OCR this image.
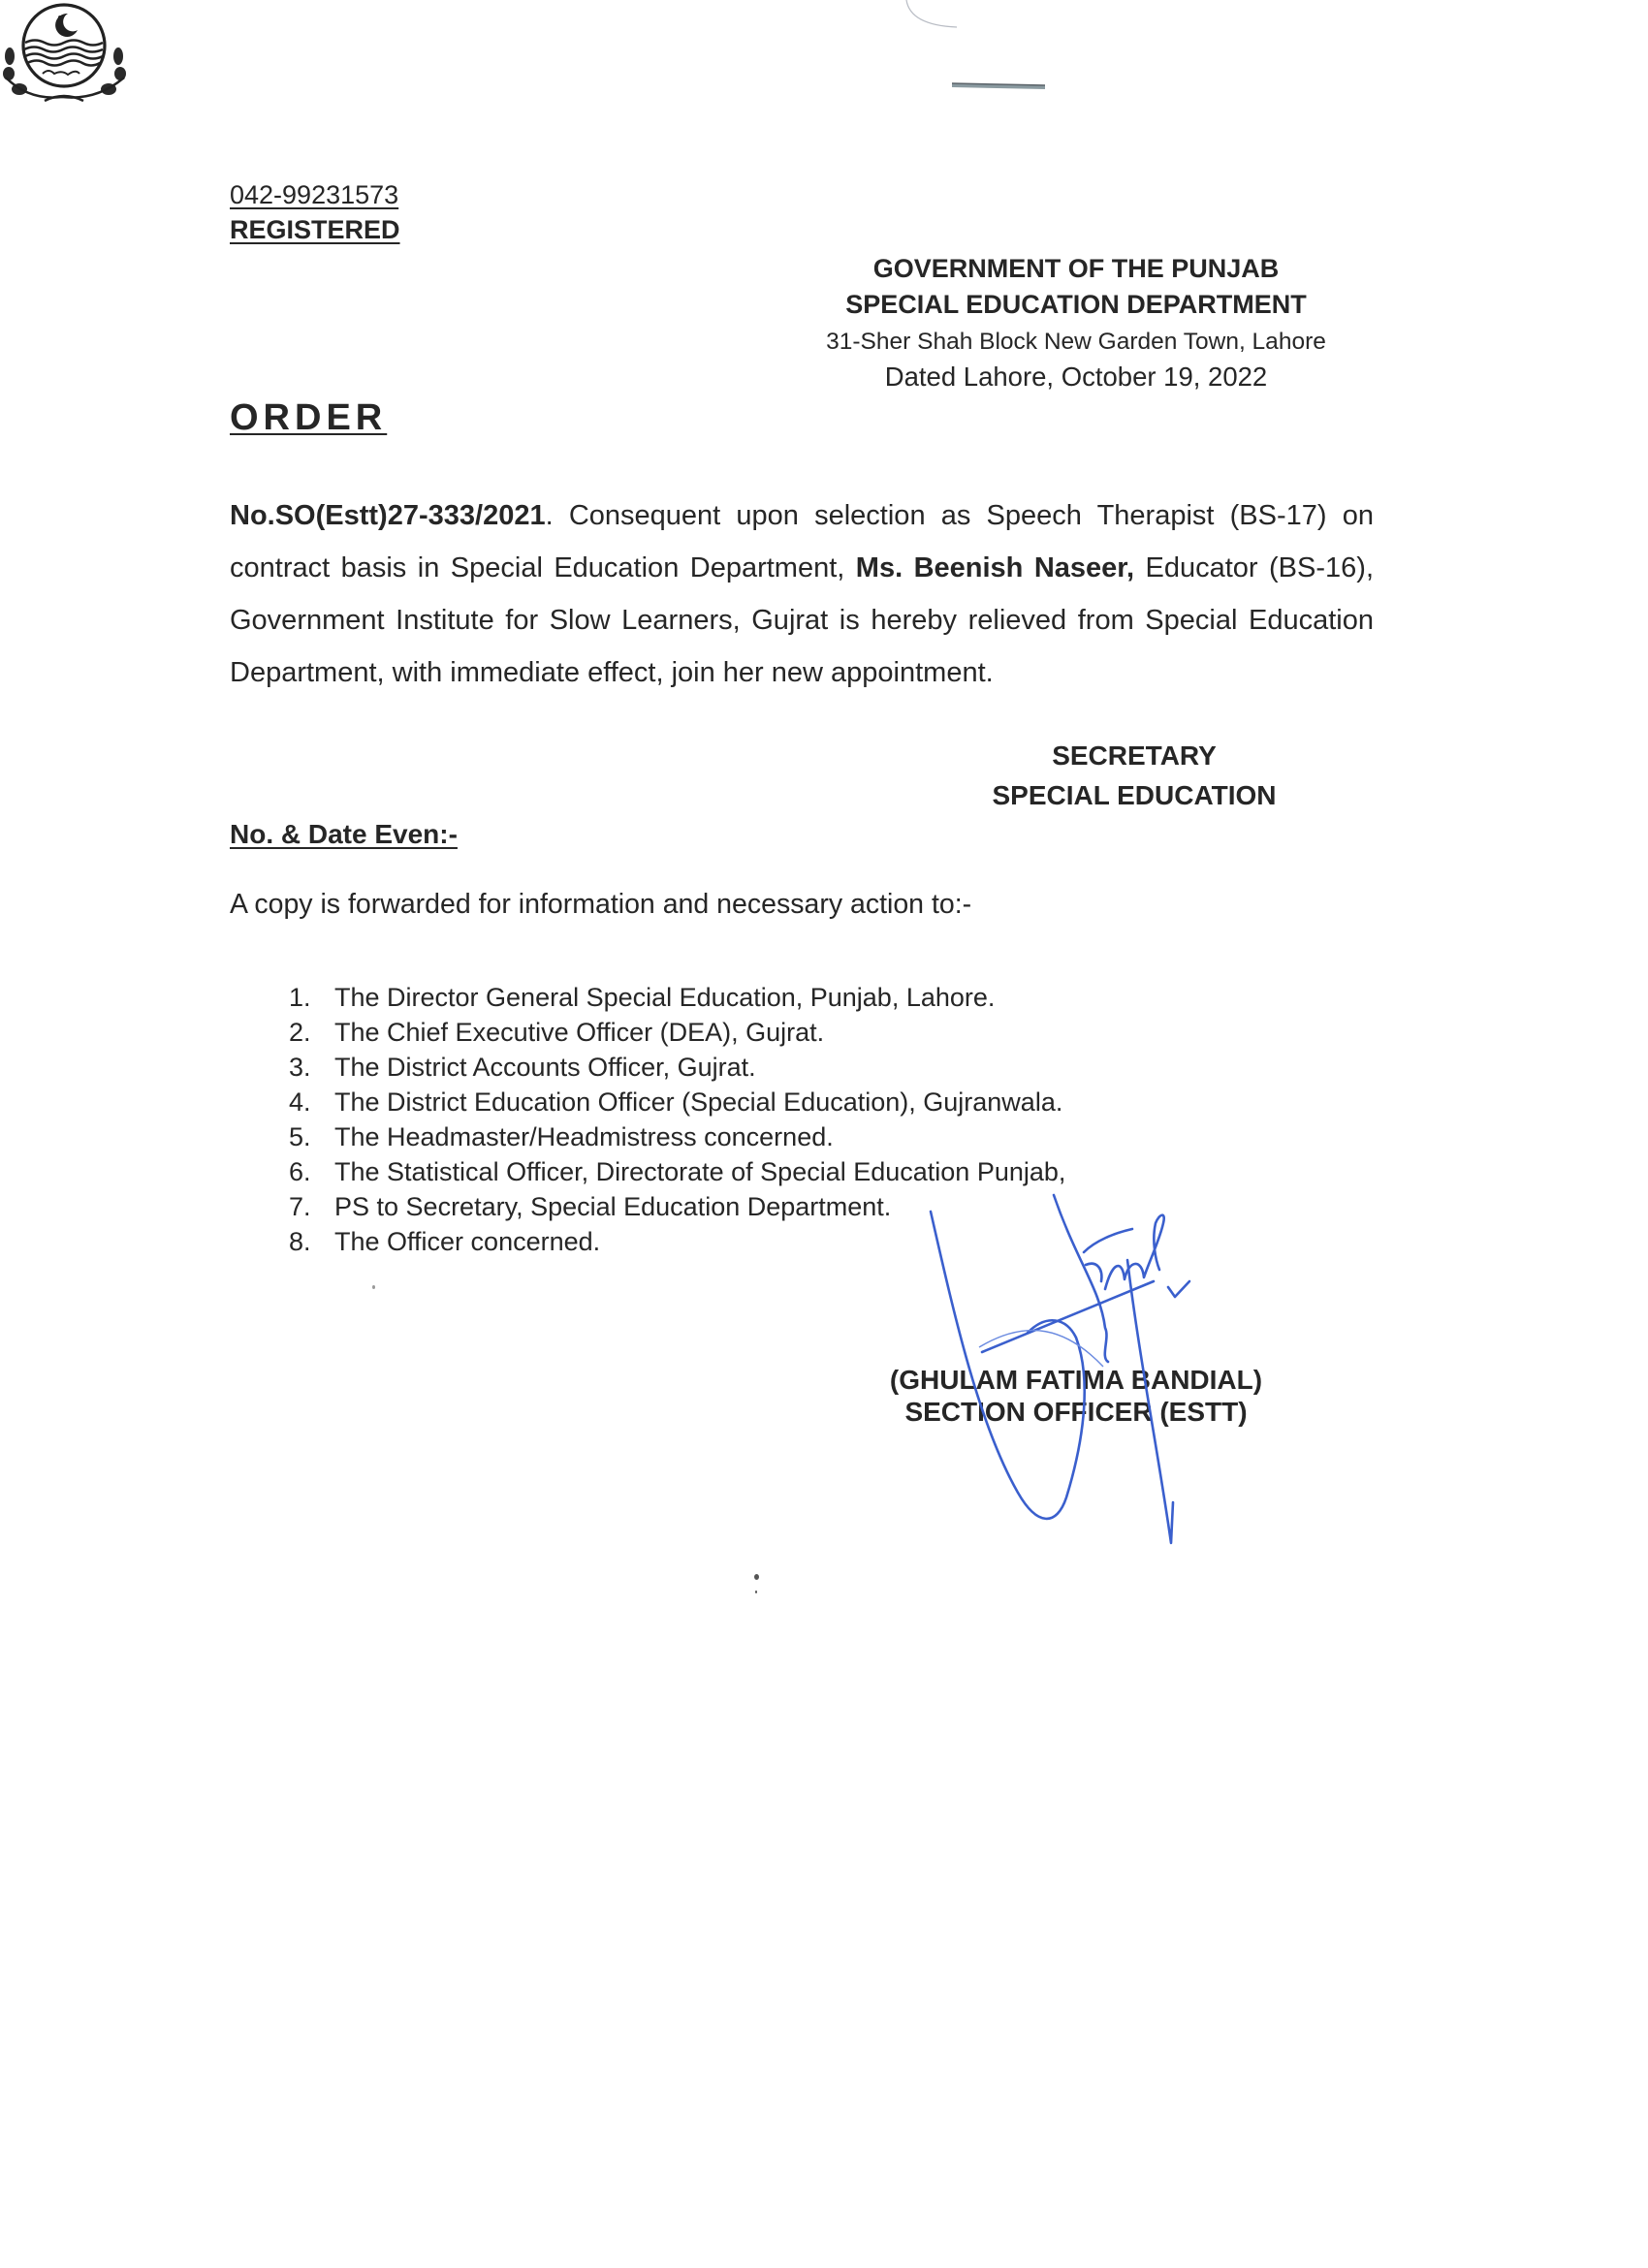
042-99231573
REGISTERED
ORDER
GOVERNMENT OF THE PUNJAB
SPECIAL EDUCATION DEPARTMENT
31-Sher Shah Block New Garden Town, Lahore
Dated Lahore, October 19, 2022

No.SO(Estt)27-333/2021. Consequent upon selection as Speech Therapist (BS-17) on contract basis in Special Education Department, Ms. Beenish Naseer, Educator (BS-16), Government Institute for Slow Learners, Gujrat is hereby relieved from Special Education Department, with immediate effect, join her new appointment.

SECRETARY
SPECIAL EDUCATION
No. & Date Even:-
A copy is forwarded for information and necessary action to:-
1. The Director General Special Education, Punjab, Lahore.
2. The Chief Executive Officer (DEA), Gujrat.
3. The District Accounts Officer, Gujrat.
4. The District Education Officer (Special Education), Gujranwala.
5. The Headmaster/Headmistress concerned.
6. The Statistical Officer, Directorate of Special Education Punjab,
7. PS to Secretary, Special Education Department.
8. The Officer concerned.
(GHULAM FATIMA BANDIAL)
SECTION OFFICER (ESTT)
